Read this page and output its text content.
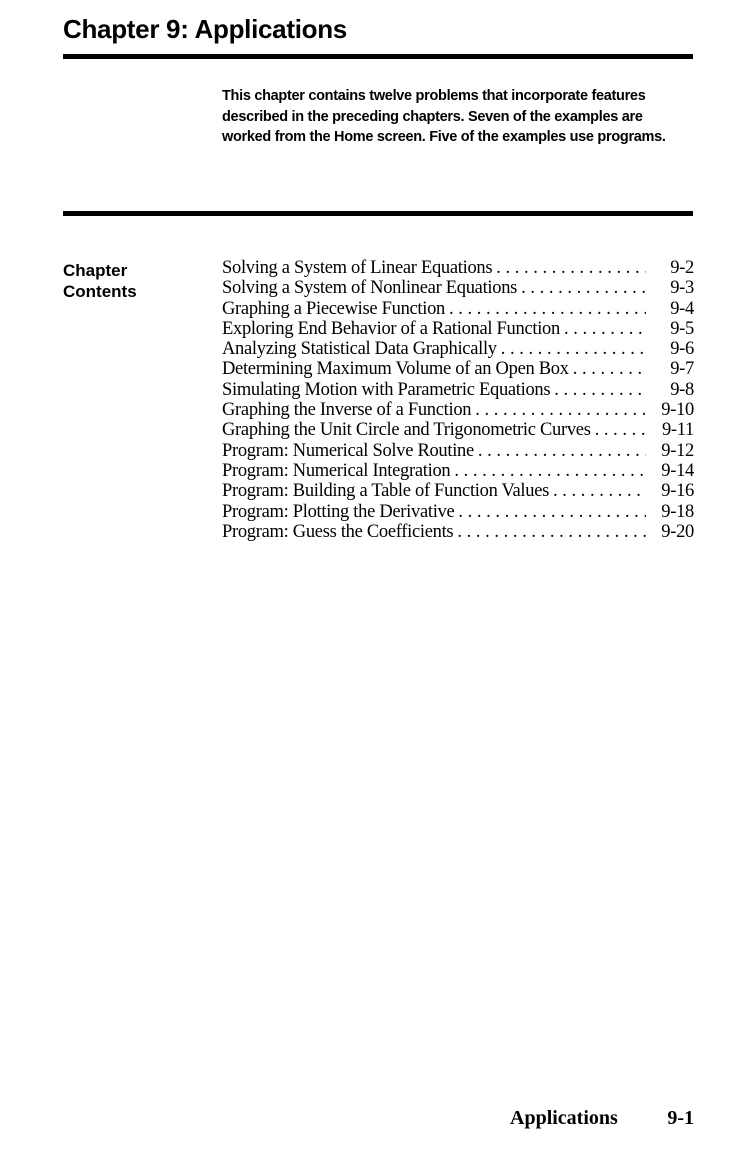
Chapter 9: Applications

This chapter contains twelve problems that incorporate features described in the preceding chapters. Seven of the examples are worked from the Home screen. Five of the examples use programs.

Chapter
Contents
Solving a System of Linear Equations . . .	9-2
Solving a System of Nonlinear Equations . . .	9-3
Graphing a Piecewise Function . . .	9-4
Exploring End Behavior of a Rational Function . . .	9-5
Analyzing Statistical Data Graphically . . .	9-6
Determining Maximum Volume of an Open Box . . .	9-7
Simulating Motion with Parametric Equations . . .	9-8
Graphing the Inverse of a Function . . .	9-10
Graphing the Unit Circle and Trigonometric Curves . . .	9-11
Program: Numerical Solve Routine . . .	9-12
Program: Numerical Integration . . .	9-14
Program: Building a Table of Function Values . . .	9-16
Program: Plotting the Derivative . . .	9-18
Program: Guess the Coefficients . . .	9-20
Applications 9-1
